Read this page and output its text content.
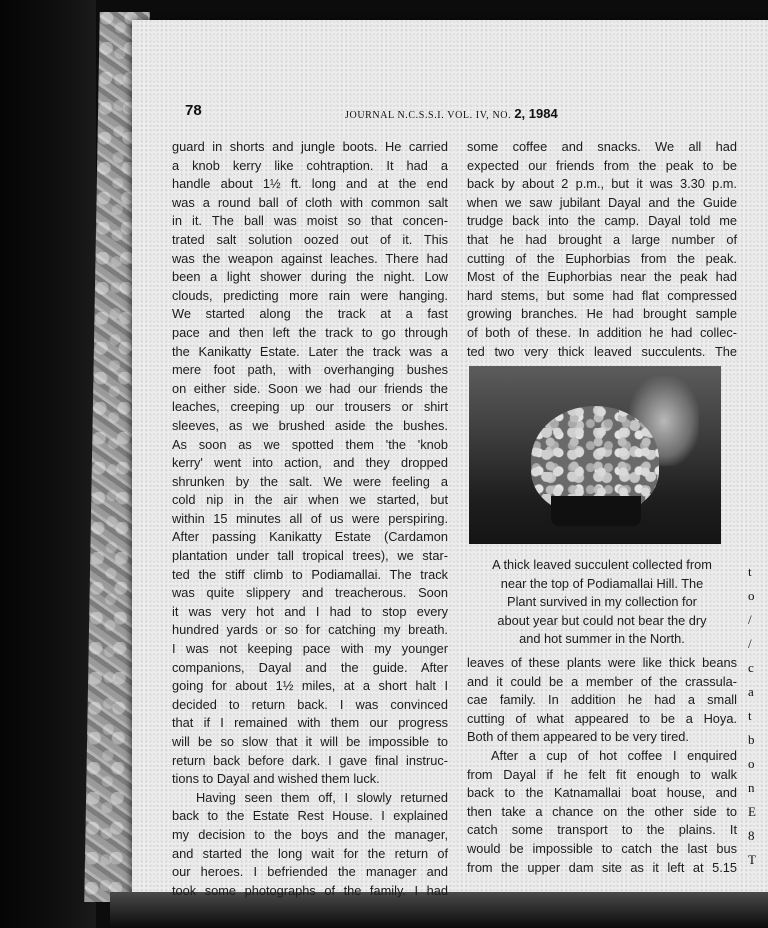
78	JOURNAL N.C.S.S.I. VOL. IV, NO. 2, 1984
guard in shorts and jungle boots. He carried
a knob kerry like cohtraption. It had a
handle about 1½ ft. long and at the end
was a round ball of cloth with common salt
in it. The ball was moist so that concen-
trated salt solution oozed out of it. This
was the weapon against leaches. There had
been a light shower during the night. Low
clouds, predicting more rain were hanging.
We started along the track at a fast
pace and then left the track to go through
the Kanikatty Estate. Later the track was a
mere foot path, with overhanging bushes
on either side. Soon we had our friends the
leaches, creeping up our trousers or shirt
sleeves, as we brushed aside the bushes.
As soon as we spotted them 'the 'knob
kerry' went into action, and they dropped
shrunken by the salt. We were feeling a
cold nip in the air when we started, but
within 15 minutes all of us were perspiring.
After passing Kanikatty Estate (Cardamon
plantation under tall tropical trees), we star-
ted the stiff climb to Podiamallai. The track
was quite slippery and treacherous. Soon
it was very hot and I had to stop every
hundred yards or so for catching my breath.
I was not keeping pace with my younger
companions, Dayal and the guide. After
going for about 1½ miles, at a short halt I
decided to return back. I was convinced
that if I remained with them our progress
will be so slow that it will be impossible to
return back before dark. I gave final instruc-
tions to Dayal and wished them luck.
Having seen them off, I slowly returned
back to the Estate Rest House. I explained
my decision to the boys and the manager,
and started the long wait for the return of
our heroes. I befriended the manager and
took some photographs of the family. I had
some coffee and snacks. We all had
expected our friends from the peak to be
back by about 2 p.m., but it was 3.30 p.m.
when we saw jubilant Dayal and the Guide
trudge back into the camp. Dayal told me
that he had brought a large number of
cutting of the Euphorbias from the peak.
Most of the Euphorbias near the peak had
hard stems, but some had flat compressed
growing branches. He had brought sample
of both of these. In addition he had collec-
ted two very thick leaved succulents. The
A thick leaved succulent collected from
near the top of Podiamallai Hill. The
Plant survived in my collection for
about year but could not bear the dry
and hot summer in the North.
leaves of these plants were like thick beans
and it could be a member of the crassula-
cae family. In addition he had a small
cutting of what appeared to be a Hoya.
Both of them appeared to be very tired.
After a cup of hot coffee I enquired
from Dayal if he felt fit enough to walk
back to the Katnamallai boat house, and
then take a chance on the other side to
catch some transport to the plains. It
would be impossible to catch the last bus
from the upper dam site as it left at 5.15
t
o
/
/
c
a
t
b
o
n
E
8
T
